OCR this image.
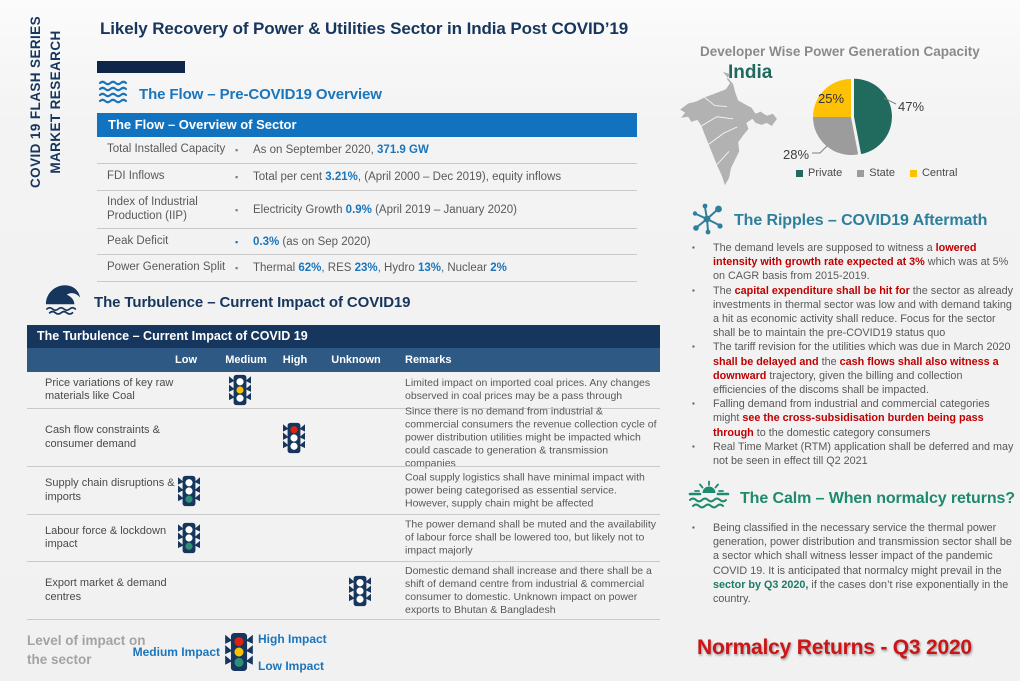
COVID 19 FLASH SERIES MARKET RESEARCH
Likely Recovery of Power & Utilities Sector in India Post COVID’19
The Flow – Pre-COVID19 Overview
The Flow – Overview of Sector
Total Installed Capacity ▪	As on September 2020, 371.9 GW
FDI Inflows ▪	Total per cent 3.21%, (April 2000 – Dec 2019), equity inflows
Index of Industrial Production (IIP) ▪	Electricity Growth 0.9% (April 2019 – January 2020)
Peak Deficit ▪	0.3% (as on Sep 2020)
Power Generation Split ▪	Thermal 62%, RES 23%, Hydro 13%, Nuclear 2%
The Turbulence – Current Impact of COVID19
The Turbulence – Current Impact of COVID 19
Low	Medium	High	Unknown Remarks
Price variations of key raw materials like Coal
Limited impact on imported coal prices. Any changes observed in coal prices may be a pass through
Cash flow constraints & consumer demand
Since there is no demand from industrial & commercial consumers the revenue collection cycle of power distribution utilities might be impacted which could cascade to generation & transmission companies
Supply chain disruptions & imports
Coal supply logistics shall have minimal impact with power being categorised as essential service. However, supply chain might be affected
Labour force & lockdown impact
The power demand shall be muted and the availability of labour force shall be lowered too, but likely not to impact majorly
Export market & demand centres
Domestic demand shall increase and there shall be a shift of demand centre from industrial & commercial consumer to domestic. Unknown impact on power exports to Bhutan & Bangladesh
Level of impact on the sector	Medium Impact
High Impact
Low Impact
Developer Wise Power Generation Capacity
India
47%
28%
25%
Private State Central
The Ripples – COVID19 Aftermath
▪ The demand levels are supposed to witness a lowered intensity with growth rate expected at 3% which was at 5% on CAGR basis from 2015-2019.
▪ The capital expenditure shall be hit for the sector as already investments in thermal sector was low and with demand taking a hit as economic activity shall reduce. Focus for the sector shall be to maintain the pre-COVID19 status quo
▪ The tariff revision for the utilities which was due in March 2020 shall be delayed and the cash flows shall also witness a downward trajectory, given the billing and collection efficiencies of the discoms shall be impacted.
▪ Falling demand from industrial and commercial categories might see the cross-subsidisation burden being pass through to the domestic category consumers
▪ Real Time Market (RTM) application shall be deferred and may not be seen in effect till Q2 2021
The Calm – When normalcy returns?
▪ Being classified in the necessary service the thermal power generation, power distribution and transmission sector shall be a sector which shall witness lesser impact of the pandemic COVID 19. It is anticipated that normalcy might prevail in the sector by Q3 2020, if the cases don’t rise exponentially in the country.
Normalcy Returns - Q3 2020
